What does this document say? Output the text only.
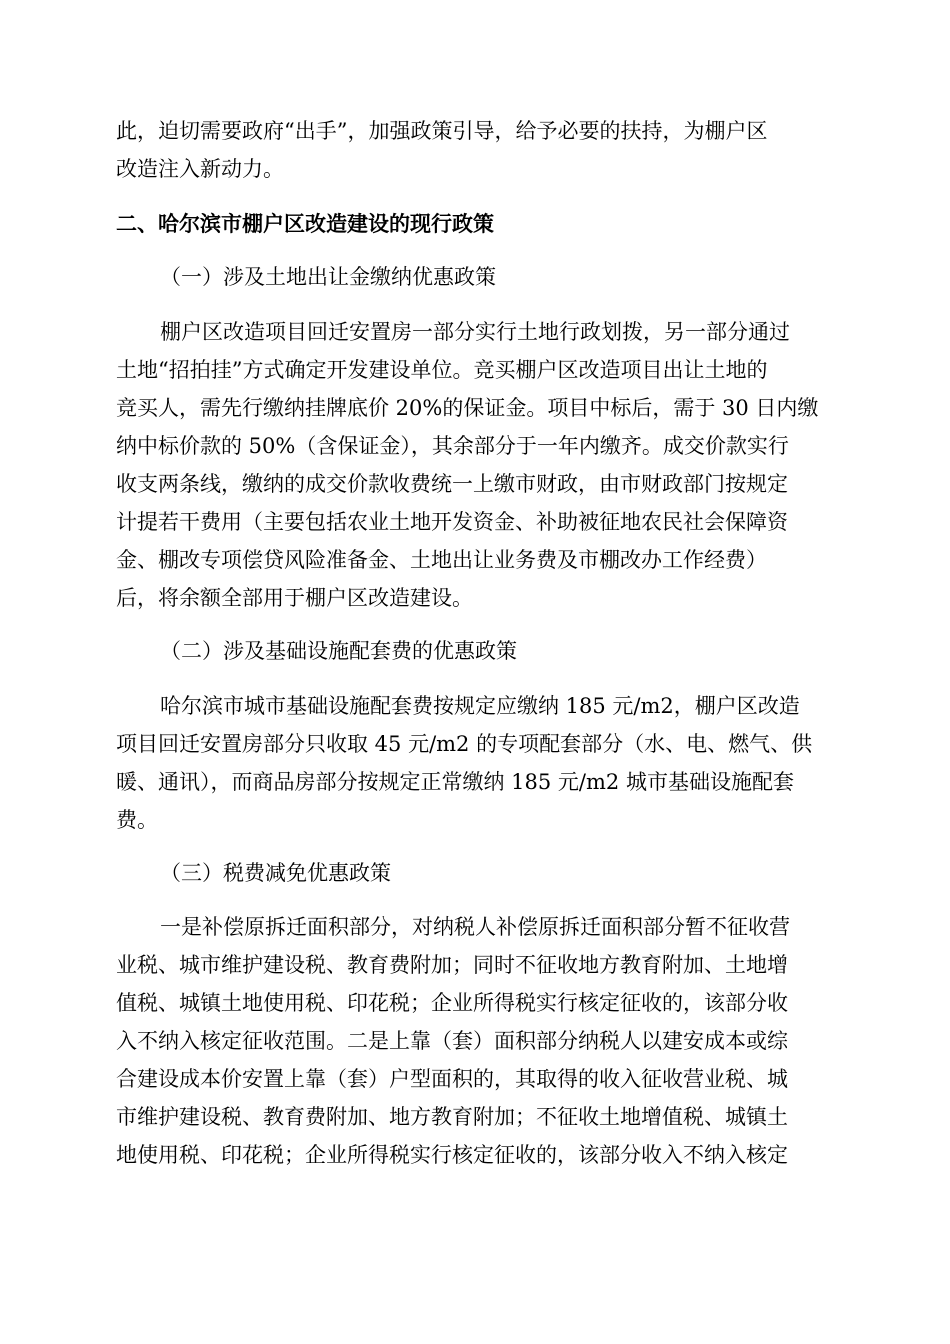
此，迫切需要政府“出手”，加强政策引导，给予必要的扶持，为棚户区
改造注入新动力。
二、哈尔滨市棚户区改造建设的现行政策
（一）涉及土地出让金缴纳优惠政策
棚户区改造项目回迁安置房一部分实行土地行政划拨，另一部分通过
土地“招拍挂”方式确定开发建设单位。竞买棚户区改造项目出让土地的
竞买人，需先行缴纳挂牌底价 20%的保证金。项目中标后，需于 30 日内缴
纳中标价款的 50%（含保证金），其余部分于一年内缴齐。成交价款实行
收支两条线，缴纳的成交价款收费统一上缴市财政，由市财政部门按规定
计提若干费用（主要包括农业土地开发资金、补助被征地农民社会保障资
金、棚改专项偿贷风险准备金、土地出让业务费及市棚改办工作经费）
后，将余额全部用于棚户区改造建设。
（二）涉及基础设施配套费的优惠政策
哈尔滨市城市基础设施配套费按规定应缴纳 185 元/m2，棚户区改造
项目回迁安置房部分只收取 45 元/m2 的专项配套部分（水、电、燃气、供
暖、通讯），而商品房部分按规定正常缴纳 185 元/m2 城市基础设施配套
费。
（三）税费减免优惠政策
一是补偿原拆迁面积部分，对纳税人补偿原拆迁面积部分暂不征收营
业税、城市维护建设税、教育费附加；同时不征收地方教育附加、土地增
值税、城镇土地使用税、印花税；企业所得税实行核定征收的，该部分收
入不纳入核定征收范围。二是上靠（套）面积部分纳税人以建安成本或综
合建设成本价安置上靠（套）户型面积的，其取得的收入征收营业税、城
市维护建设税、教育费附加、地方教育附加；不征收土地增值税、城镇土
地使用税、印花税；企业所得税实行核定征收的，该部分收入不纳入核定
